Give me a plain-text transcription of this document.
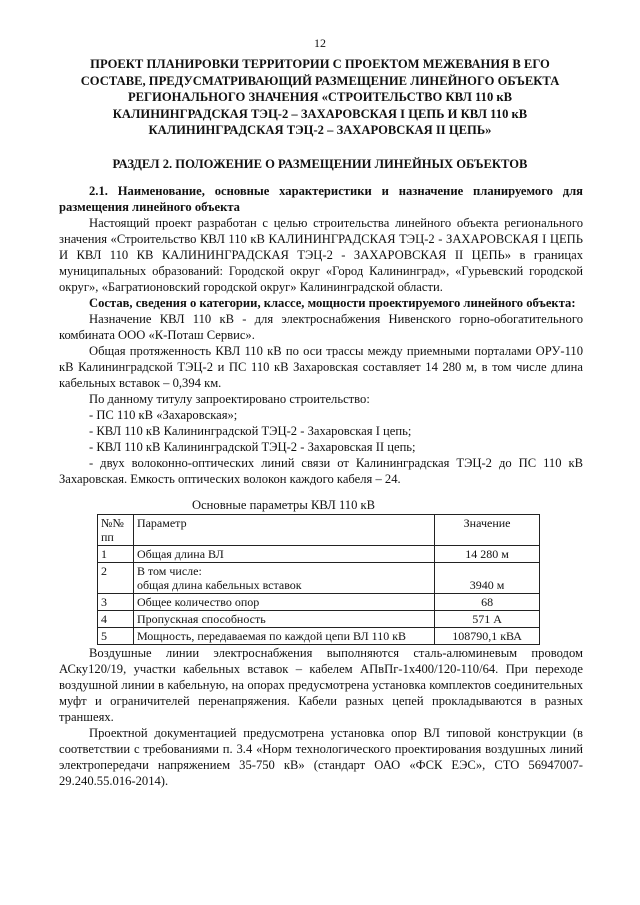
12
ПРОЕКТ ПЛАНИРОВКИ ТЕРРИТОРИИ С ПРОЕКТОМ МЕЖЕВАНИЯ В ЕГО
СОСТАВЕ, ПРЕДУСМАТРИВАЮЩИЙ РАЗМЕЩЕНИЕ ЛИНЕЙНОГО ОБЪЕКТА
РЕГИОНАЛЬНОГО ЗНАЧЕНИЯ «СТРОИТЕЛЬСТВО КВЛ 110 кВ
КАЛИНИНГРАДСКАЯ ТЭЦ-2 – ЗАХАРОВСКАЯ I ЦЕПЬ И КВЛ 110 кВ
КАЛИНИНГРАДСКАЯ ТЭЦ-2 – ЗАХАРОВСКАЯ II ЦЕПЬ»
РАЗДЕЛ 2. ПОЛОЖЕНИЕ О РАЗМЕЩЕНИИ ЛИНЕЙНЫХ ОБЪЕКТОВ

2.1. Наименование, основные характеристики и назначение планируемого для размещения линейного объекта

Настоящий проект разработан с целью строительства линейного объекта регионального значения «Строительство КВЛ 110 кВ КАЛИНИНГРАДСКАЯ ТЭЦ-2 - ЗАХАРОВСКАЯ I ЦЕПЬ И КВЛ 110 КВ КАЛИНИНГРАДСКАЯ ТЭЦ-2 - ЗАХАРОВСКАЯ II ЦЕПЬ» в границах муниципальных образований: Городской округ «Город Калининград», «Гурьевский городской округ», «Багратионовский городской округ» Калининградской области.

Состав, сведения о категории, классе, мощности проектируемого линейного объекта:

Назначение КВЛ 110 кВ - для электроснабжения Нивенского горно-обогатительного комбината ООО «К-Поташ Сервис».

Общая протяженность КВЛ 110 кВ по оси трассы между приемными порталами ОРУ-110 кВ Калининградской ТЭЦ-2 и ПС 110 кВ Захаровская составляет 14 280 м, в том числе длина кабельных вставок – 0,394 км.

По данному титулу запроектировано строительство:

- ПС 110 кВ «Захаровская»;

- КВЛ 110 кВ Калининградской ТЭЦ-2 - Захаровская I цепь;

- КВЛ 110 кВ Калининградской ТЭЦ-2 - Захаровская II цепь;

- двух волоконно-оптических линий связи от Калининградская ТЭЦ-2 до ПС 110 кВ Захаровская. Емкость оптических волокон каждого кабеля – 24.

Основные параметры КВЛ 110 кВ
№№ пп	Параметр	Значение
1	Общая длина ВЛ	14 280 м
2	В том числе:
общая длина кабельных вставок	3940 м
3	Общее количество опор	68
4	Пропускная способность	571 А
5	Мощность, передаваемая по каждой цепи ВЛ 110 кВ	108790,1 кВА

Воздушные линии электроснабжения выполняются сталь-алюминевым проводом АСку120/19, участки кабельных вставок – кабелем АПвПг-1х400/120-110/64. При переходе воздушной линии в кабельную, на опорах предусмотрена установка комплектов соединительных муфт и ограничителей перенапряжения. Кабели разных цепей прокладываются в разных траншеях.

Проектной документацией предусмотрена установка опор ВЛ типовой конструкции (в соответствии с требованиями п. 3.4 «Норм технологического проектирования воздушных линий электропередачи напряжением 35-750 кВ» (стандарт ОАО «ФСК ЕЭС», СТО 56947007-29.240.55.016-2014).
